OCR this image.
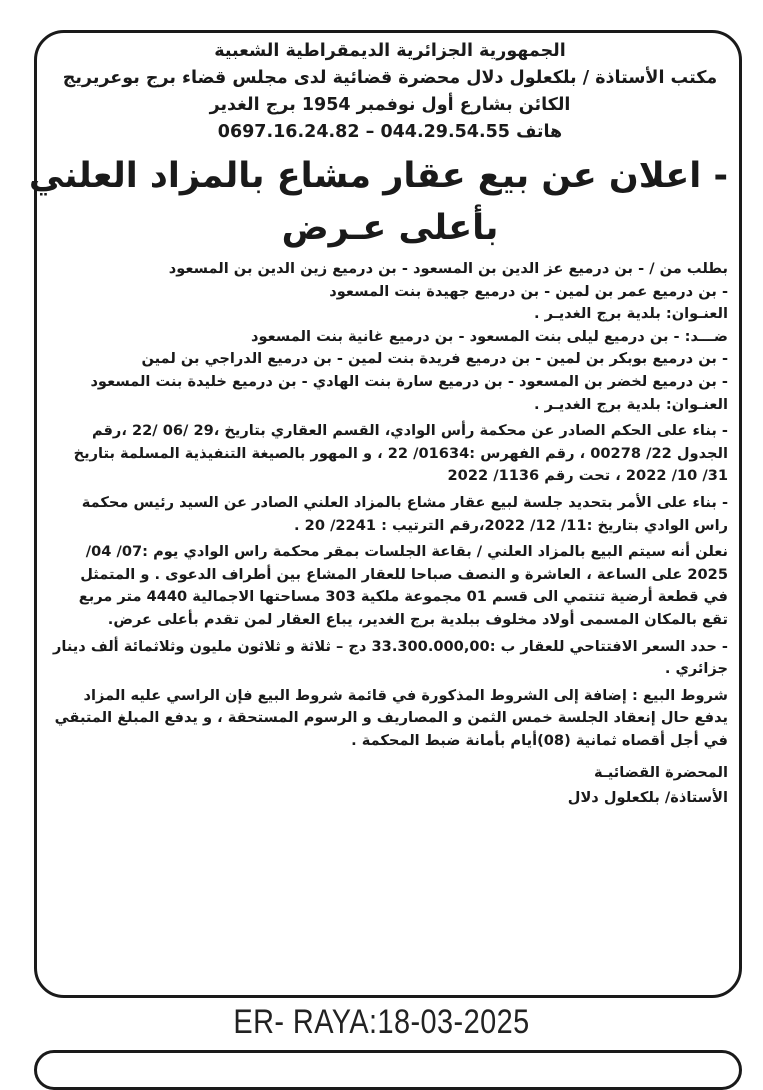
الجمهورية الجزائرية الديمقراطية الشعبية
مكتب الأستاذة / بلكعلول دلال محضرة قضائية لدى مجلس قضاء برج بوعريريج
الكائن بشارع أول نوفمبر 1954 برج الغدير
هاتف 044.29.54.55 – 0697.16.24.82
- اعلان عن بيع عقار مشاع بالمزاد العلني
بأعلى عـرض

بطلب من / - بن درميع عز الدين بن المسعود - بن درميع زين الدين بن المسعود

- بن درميع عمر بن لمين - بن درميع جهيدة بنت المسعود

العنـوان: بلدية برج الغديـر .

ضـــد: - بن درميع ليلى بنت المسعود - بن درميع غانية بنت المسعود

- بن درميع بوبكر بن لمين - بن درميع فريدة بنت لمين - بن درميع الدراجي بن لمين

- بن درميع لخضر بن المسعود - بن درميع سارة بنت الهادي - بن درميع خليدة بنت المسعود

العنـوان: بلدية برج الغديـر .

- بناء على الحكم الصادر عن محكمة رأس الوادي، القسم العقاري بتاريخ ،29 /06 /22 ،رقم الجدول 22/ 00278 ، رقم الفهرس :01634/ 22 ، و المهور بالصيغة التنفيذية المسلمة بتاريخ 31/ 10/ 2022 ، تحت رقم 1136/ 2022

- بناء على الأمر بتحديد جلسة لبيع عقار مشاع بالمزاد العلني الصادر عن السيد رئيس محكمة راس الوادي بتاريخ :11/ 12/ 2022،رقم الترتيب : 2241/ 20 .

نعلن أنه سيتم البيع بالمزاد العلني / بقاعة الجلسات بمقر محكمة راس الوادي يوم :07/ 04/ 2025 على الساعة ، العاشرة و النصف صباحا للعقار المشاع بين أطراف الدعوى . و المتمثل في قطعة أرضية تنتمي الى قسم 01 مجموعة ملكية 303 مساحتها الاجمالية 4440 متر مربع تقع بالمكان المسمى أولاد مخلوف ببلدية برج الغدير، يباع العقار لمن تقدم بأعلى عرض.

- حدد السعر الافتتاحي للعقار ب :33.300.000,00 دج – ثلاثة و ثلاثون مليون وثلاثمائة ألف دينار جزائري .

شروط البيع : إضافة إلى الشروط المذكورة في قائمة شروط البيع فإن الراسي عليه المزاد يدفع حال إنعقاد الجلسة خمس الثمن و المصاريف و الرسوم المستحقة ، و يدفع المبلغ المتبقي في أجل أقصاه ثمانية (08)أيام بأمانة ضبط المحكمة .

المحضرة القضائيـة
الأستاذة/ بلكعلول دلال
ER- RAYA:18-03-2025
